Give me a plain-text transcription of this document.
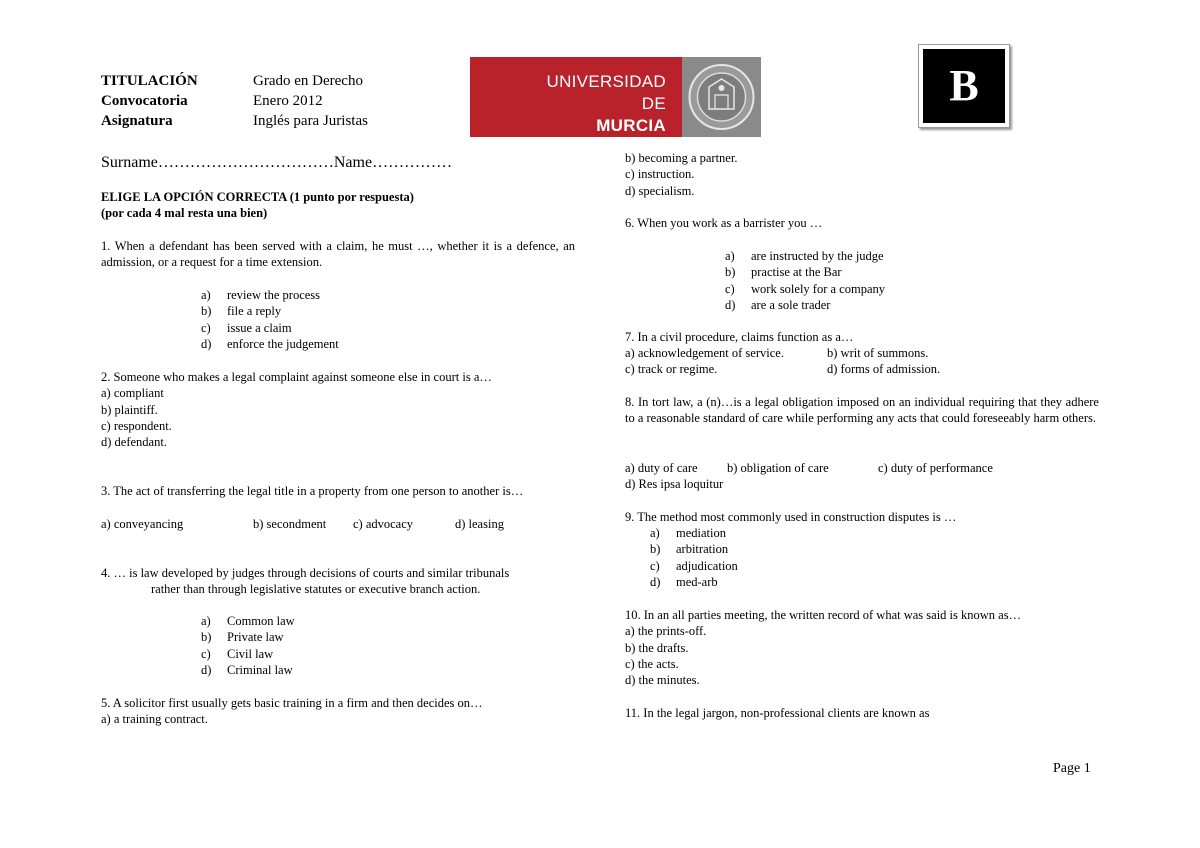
TITULACIÓN	Grado en Derecho
Convocatoria	Enero 2012
Asignatura	Inglés para Juristas
UNIVERSIDAD DE
MURCIA
B
Surname……………………………Name……………
ELIGE LA OPCIÓN CORRECTA (1 punto por respuesta)
(por cada 4 mal resta una bien)
1. When a defendant has been served with a claim, he must …, whether it is a defence, an admission, or a request for a time extension.
a) review the process
b) file a reply
c) issue a claim
d) enforce the judgement
2. Someone who makes a legal complaint against someone else in court is a…
a) compliant
b) plaintiff.
c) respondent.
d) defendant.
3. The act of transferring the legal title in a property from one person to another is…
a) conveyancing	b) secondment c) advocacy	d) leasing
4. … is law developed by judges through decisions of courts and similar tribunals
rather than through legislative statutes or executive branch action.
a) Common law
b) Private law
c) Civil law
d) Criminal law
5. A solicitor first usually gets basic training in a firm and then decides on…
a) a training contract.
b) becoming a partner.
c) instruction.
d) specialism.
6. When you work as a barrister you …
a) are instructed by the judge
b) practise at the Bar
c) work solely for a company
d) are a sole trader
7. In a civil procedure, claims function as a…
a) acknowledgement of service.	b) writ of summons.
c) track or regime.	d) forms of admission.
8. In tort law, a (n)…is a legal obligation imposed on an individual requiring that they adhere to a reasonable standard of care while performing any acts that could foreseeably harm others.
a) duty of care b) obligation of care	c) duty of performance
d) Res ipsa loquitur
9. The method most commonly used in construction disputes is …
a) mediation
b) arbitration
c) adjudication
d) med-arb
10. In an all parties meeting, the written record of what was said is known as…
a) the prints-off.
b) the drafts.
c) the acts.
d) the minutes.
11. In the legal jargon, non-professional clients are known as
Page 1
